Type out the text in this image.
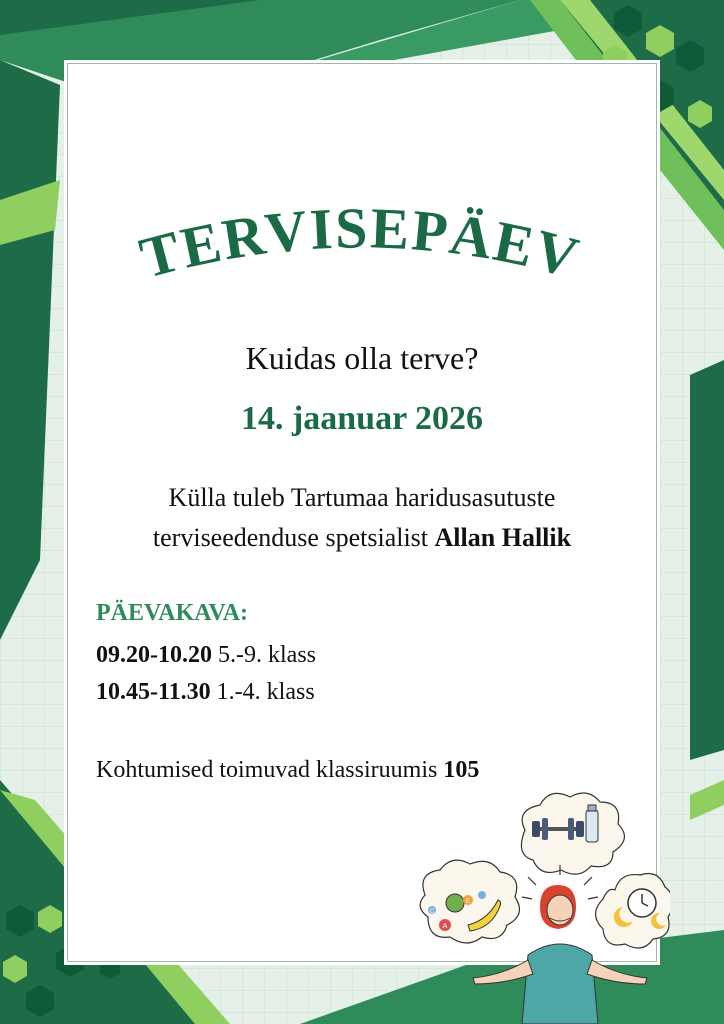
TERVISEPÄEV
Kuidas olla terve?
14. jaanuar 2026
Külla tuleb Tartumaa haridusasutuste
terviseedenduse spetsialist Allan Hallik
PÄEVAKAVA:
09.20-10.20 5.-9. klass
10.45-11.30 1.-4. klass
Kohtumised toimuvad klassiruumis 105
C
A
E
